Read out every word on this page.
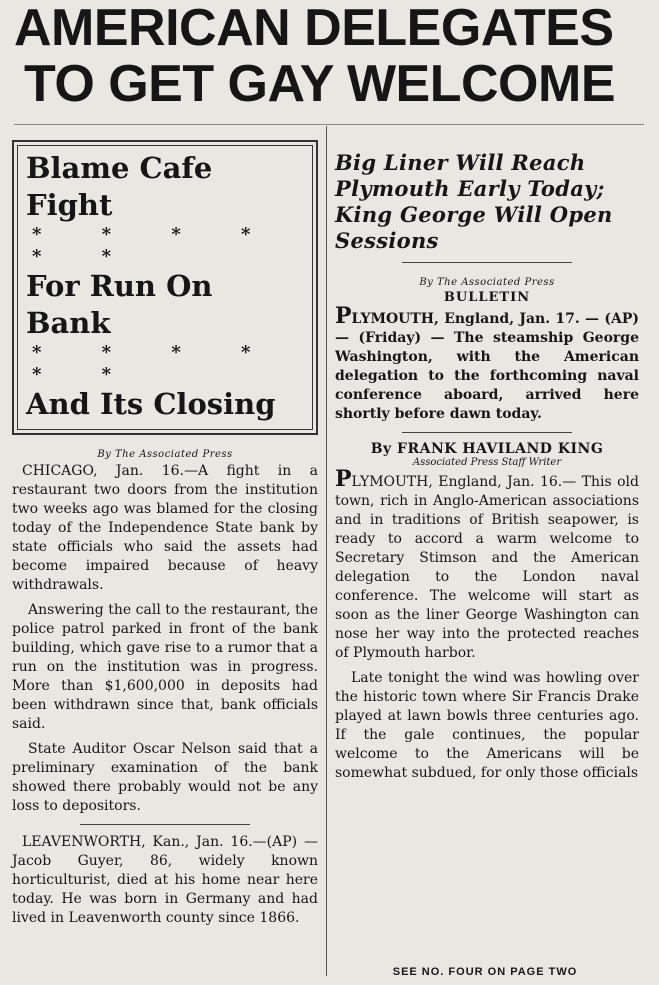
AMERICAN DELEGATES
TO GET GAY WELCOME
Blame Cafe Fight
* * * * * *
For Run On Bank
* * * * * *
And Its Closing
By The Associated Press

CHICAGO, Jan. 16.—A fight in a restaurant two doors from the institution two weeks ago was blamed for the closing today of the Independence State bank by state officials who said the assets had become impaired because of heavy withdrawals.

Answering the call to the restaurant, the police patrol parked in front of the bank building, which gave rise to a rumor that a run on the institution was in progress. More than $1,600,000 in deposits had been withdrawn since that, bank officials said.

State Auditor Oscar Nelson said that a preliminary examination of the bank showed there probably would not be any loss to depositors.

LEAVENWORTH, Kan., Jan. 16.—(AP) — Jacob Guyer, 86, widely known horticulturist, died at his home near here today. He was born in Germany and had lived in Leavenworth county since 1866.

Big Liner Will Reach
Plymouth Early Today;
King George Will Open
Sessions
By The Associated Press
BULLETIN

PLYMOUTH, England, Jan. 17. — (AP) — (Friday) — The steamship George Washington, with the American delegation to the forthcoming naval conference aboard, arrived here shortly before dawn today.

By FRANK HAVILAND KING
Associated Press Staff Writer

PLYMOUTH, England, Jan. 16.— This old town, rich in Anglo-American associations and in traditions of British seapower, is ready to accord a warm welcome to Secretary Stimson and the American delegation to the London naval conference. The welcome will start as soon as the liner George Washington can nose her way into the protected reaches of Plymouth harbor.

Late tonight the wind was howling over the historic town where Sir Francis Drake played at lawn bowls three centuries ago. If the gale continues, the popular welcome to the Americans will be somewhat subdued, for only those officials

SEE NO. FOUR ON PAGE TWO
